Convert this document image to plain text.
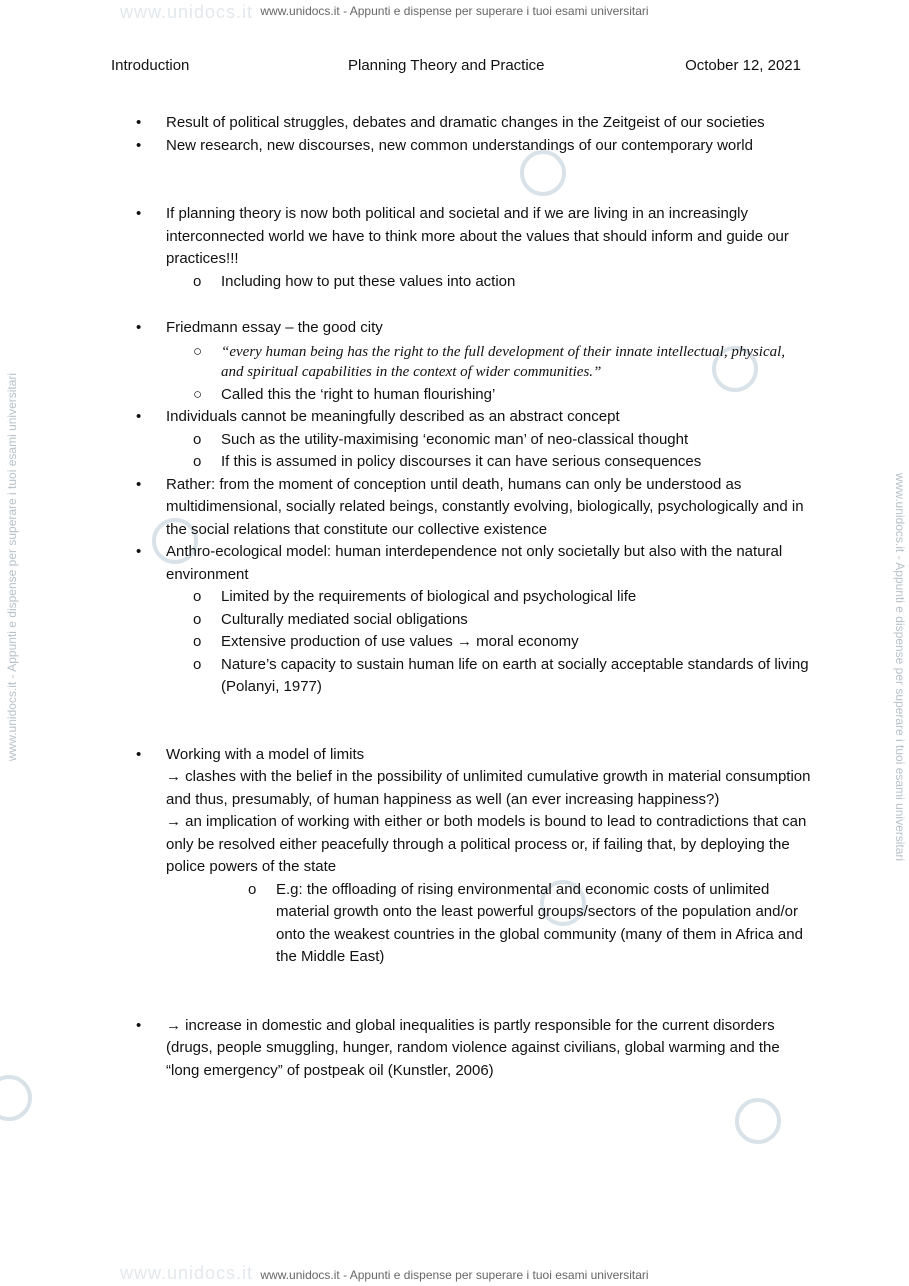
www.unidocs.it - Appunti e dispense per superare i tuoi esami universitari
www.unidocs.it
www.unidocs.it - Appunti e dispense per superare i tuoi esami universitari
www.unidocs.it
www.unidocs.it - Appunti e dispense per superare i tuoi esami universitari	www.unidocs.it - Appunti e dispense per superare i tuoi esami universitari
Introduction	Planning Theory and Practice	October 12, 2021
• Result of political struggles, debates and dramatic changes in the Zeitgeist of our societies
• New research, new discourses, new common understandings of our contemporary world
• If planning theory is now both political and societal and if we are living in an increasingly interconnected world we have to think more about the values that should inform and guide our practices!!!
o Including how to put these values into action
• Friedmann essay – the good city
○ “every human being has the right to the full development of their innate intellectual, physical, and spiritual capabilities in the context of wider communities.”
○ Called this the ‘right to human flourishing’
• Individuals cannot be meaningfully described as an abstract concept
o Such as the utility-maximising ‘economic man’ of neo-classical thought
o If this is assumed in policy discourses it can have serious consequences
• Rather: from the moment of conception until death, humans can only be understood as multidimensional, socially related beings, constantly evolving, biologically, psychologically and in the social relations that constitute our collective existence
• Anthro-ecological model: human interdependence not only societally but also with the natural environment
o Limited by the requirements of biological and psychological life
o Culturally mediated social obligations
o Extensive production of use values → moral economy
o Nature’s capacity to sustain human life on earth at socially acceptable standards of living (Polanyi, 1977)
• Working with a model of limits
→ clashes with the belief in the possibility of unlimited cumulative growth in material consumption and thus, presumably, of human happiness as well (an ever increasing happiness?)
→ an implication of working with either or both models is bound to lead to contradictions that can only be resolved either peacefully through a political process or, if failing that, by deploying the police powers of the state
o E.g: the offloading of rising environmental and economic costs of unlimited material growth onto the least powerful groups/sectors of the population and/or onto the weakest countries in the global community (many of them in Africa and the Middle East)
• → increase in domestic and global inequalities is partly responsible for the current disorders (drugs, people smuggling, hunger, random violence against civilians, global warming and the “long emergency” of postpeak oil (Kunstler, 2006)
